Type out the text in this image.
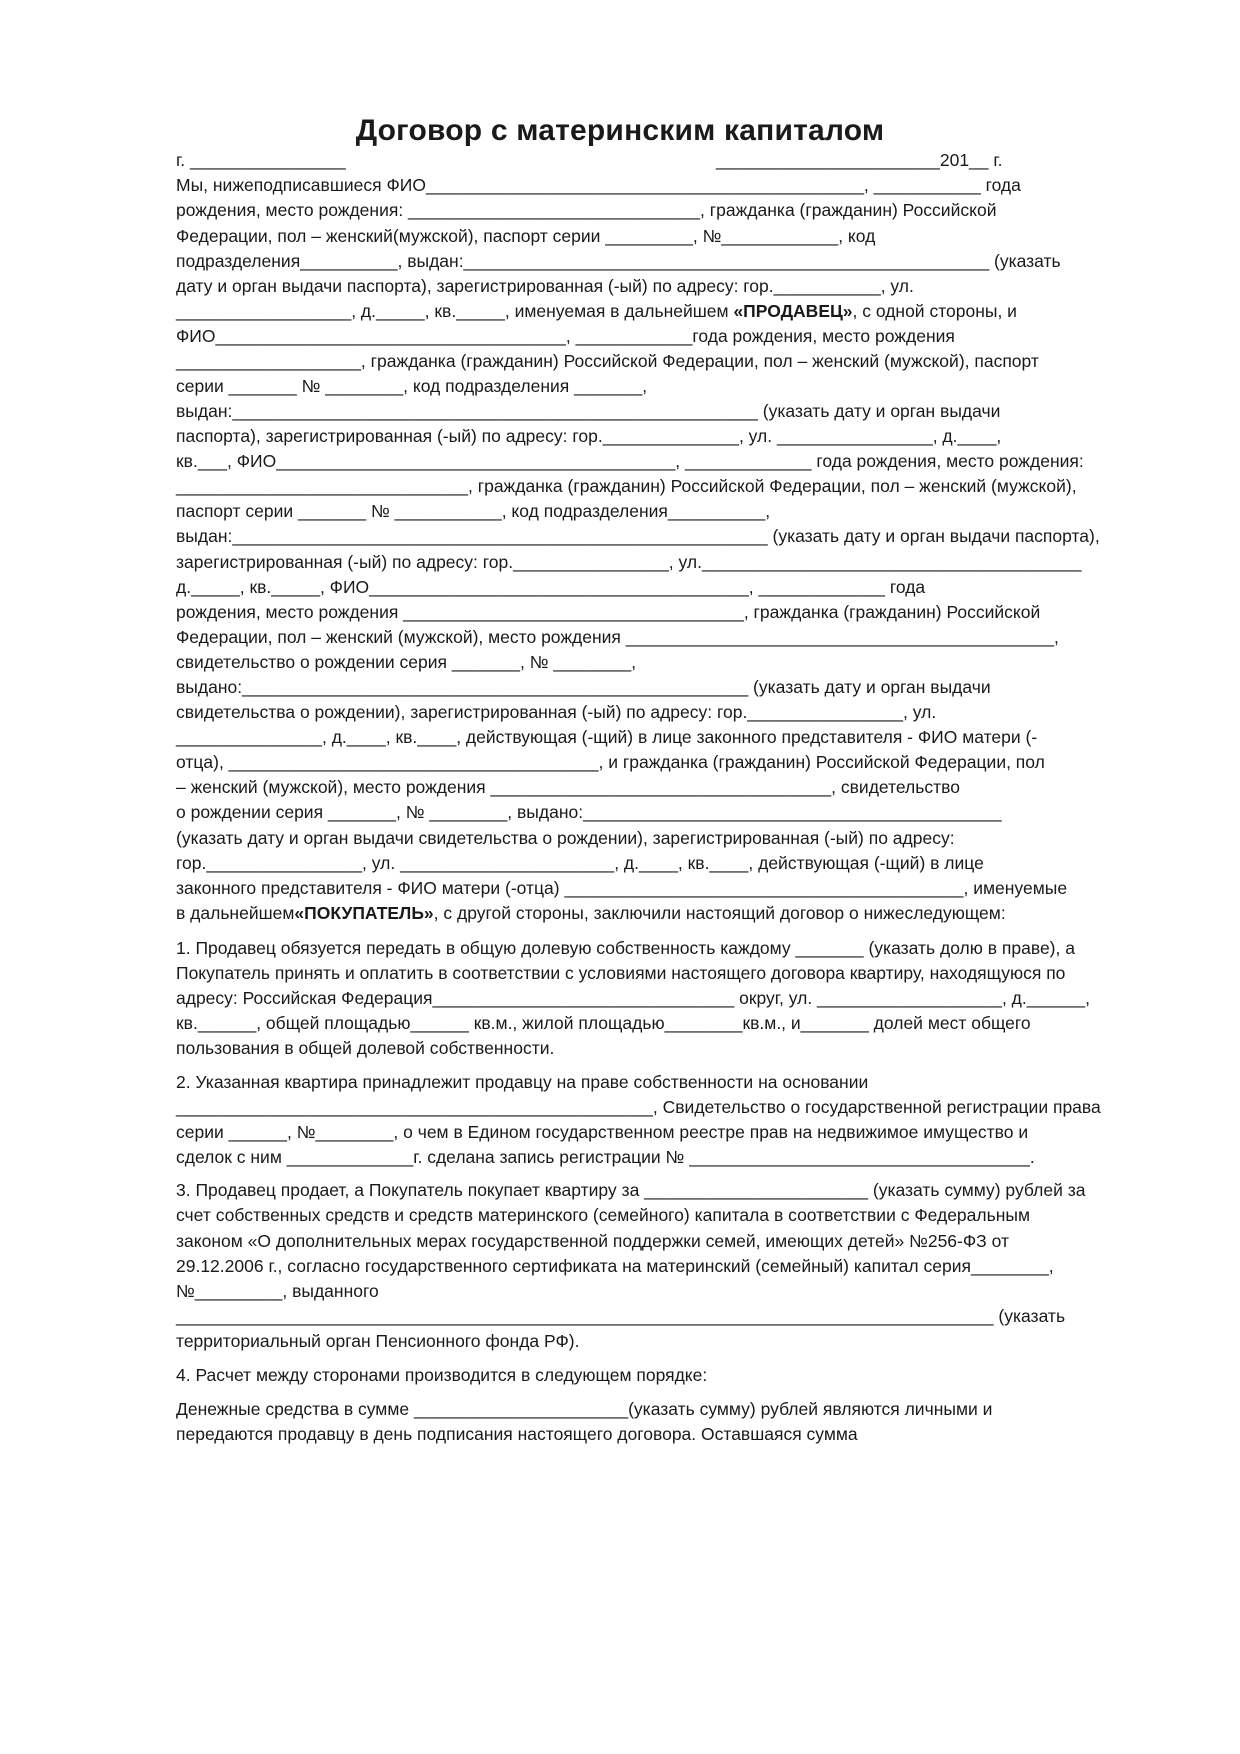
Договор с материнским капиталом
г. ________________	_______________________201__ г.
Мы, нижеподписавшиеся ФИО_____________________________________________, ___________ года
рождения, место рождения: ______________________________, гражданка (гражданин) Российской
Федерации, пол – женский(мужской), паспорт серии _________, №____________, код
подразделения__________, выдан:______________________________________________________ (указать
дату и орган выдачи паспорта), зарегистрированная (-ый) по адресу: гор.___________, ул.
__________________, д._____, кв._____, именуемая в дальнейшем «ПРОДАВЕЦ», с одной стороны, и
ФИО____________________________________, ____________года рождения, место рождения
___________________, гражданка (гражданин) Российской Федерации, пол – женский (мужской), паспорт
серии _______ № ________, код подразделения _______,
выдан:______________________________________________________ (указать дату и орган выдачи
паспорта), зарегистрированная (-ый) по адресу: гор.______________, ул. ________________, д.____,
кв.___, ФИО_________________________________________, _____________ года рождения, место рождения:
______________________________, гражданка (гражданин) Российской Федерации, пол – женский (мужской),
паспорт серии _______ № ___________, код подразделения__________,
выдан:_______________________________________________________ (указать дату и орган выдачи паспорта),
зарегистрированная (-ый) по адресу: гор.________________, ул._______________________________________
д._____, кв._____, ФИО_______________________________________, _____________ года
рождения, место рождения ___________________________________, гражданка (гражданин) Российской
Федерации, пол – женский (мужской), место рождения ____________________________________________,
свидетельство о рождении серия _______, № ________,
выдано:____________________________________________________ (указать дату и орган выдачи
свидетельства о рождении), зарегистрированная (-ый) по адресу: гор.________________, ул.
_______________, д.____, кв.____, действующая (-щий) в лице законного представителя - ФИО матери (-
отца), ______________________________________, и гражданка (гражданин) Российской Федерации, пол
– женский (мужской), место рождения ___________________________________, свидетельство
о рождении серия _______, № ________, выдано:___________________________________________
(указать дату и орган выдачи свидетельства о рождении), зарегистрированная (-ый) по адресу:
гор.________________, ул. ______________________, д.____, кв.____, действующая (-щий) в лице
законного представителя - ФИО матери (-отца) _________________________________________, именуемые
в дальнейшем«ПОКУПАТЕЛЬ», с другой стороны, заключили настоящий договор о нижеследующем:
1. Продавец обязуется передать в общую долевую собственность каждому _______ (указать долю в праве), а
Покупатель принять и оплатить в соответствии с условиями настоящего договора квартиру, находящуюся по
адресу: Российская Федерация_______________________________ округ, ул. ___________________, д.______,
кв.______, общей площадью______ кв.м., жилой площадью________кв.м., и_______ долей мест общего
пользования в общей долевой собственности.
2. Указанная квартира принадлежит продавцу на праве собственности на основании
_________________________________________________, Свидетельство о государственной регистрации права
серии ______, №________, о чем в Едином государственном реестре прав на недвижимое имущество и
сделок с ним _____________г. сделана запись регистрации № ___________________________________.
3. Продавец продает, а Покупатель покупает квартиру за _______________________ (указать сумму) рублей за
счет собственных средств и средств материнского (семейного) капитала в соответствии с Федеральным
законом «О дополнительных мерах государственной поддержки семей, имеющих детей» №256-ФЗ от
29.12.2006 г., согласно государственного сертификата на материнский (семейный) капитал серия________,
№_________, выданного
____________________________________________________________________________________ (указать
территориальный орган Пенсионного фонда РФ).
4. Расчет между сторонами производится в следующем порядке:
Денежные средства в сумме ______________________(указать сумму) рублей являются личными и
передаются продавцу в день подписания настоящего договора. Оставшаяся сумма
